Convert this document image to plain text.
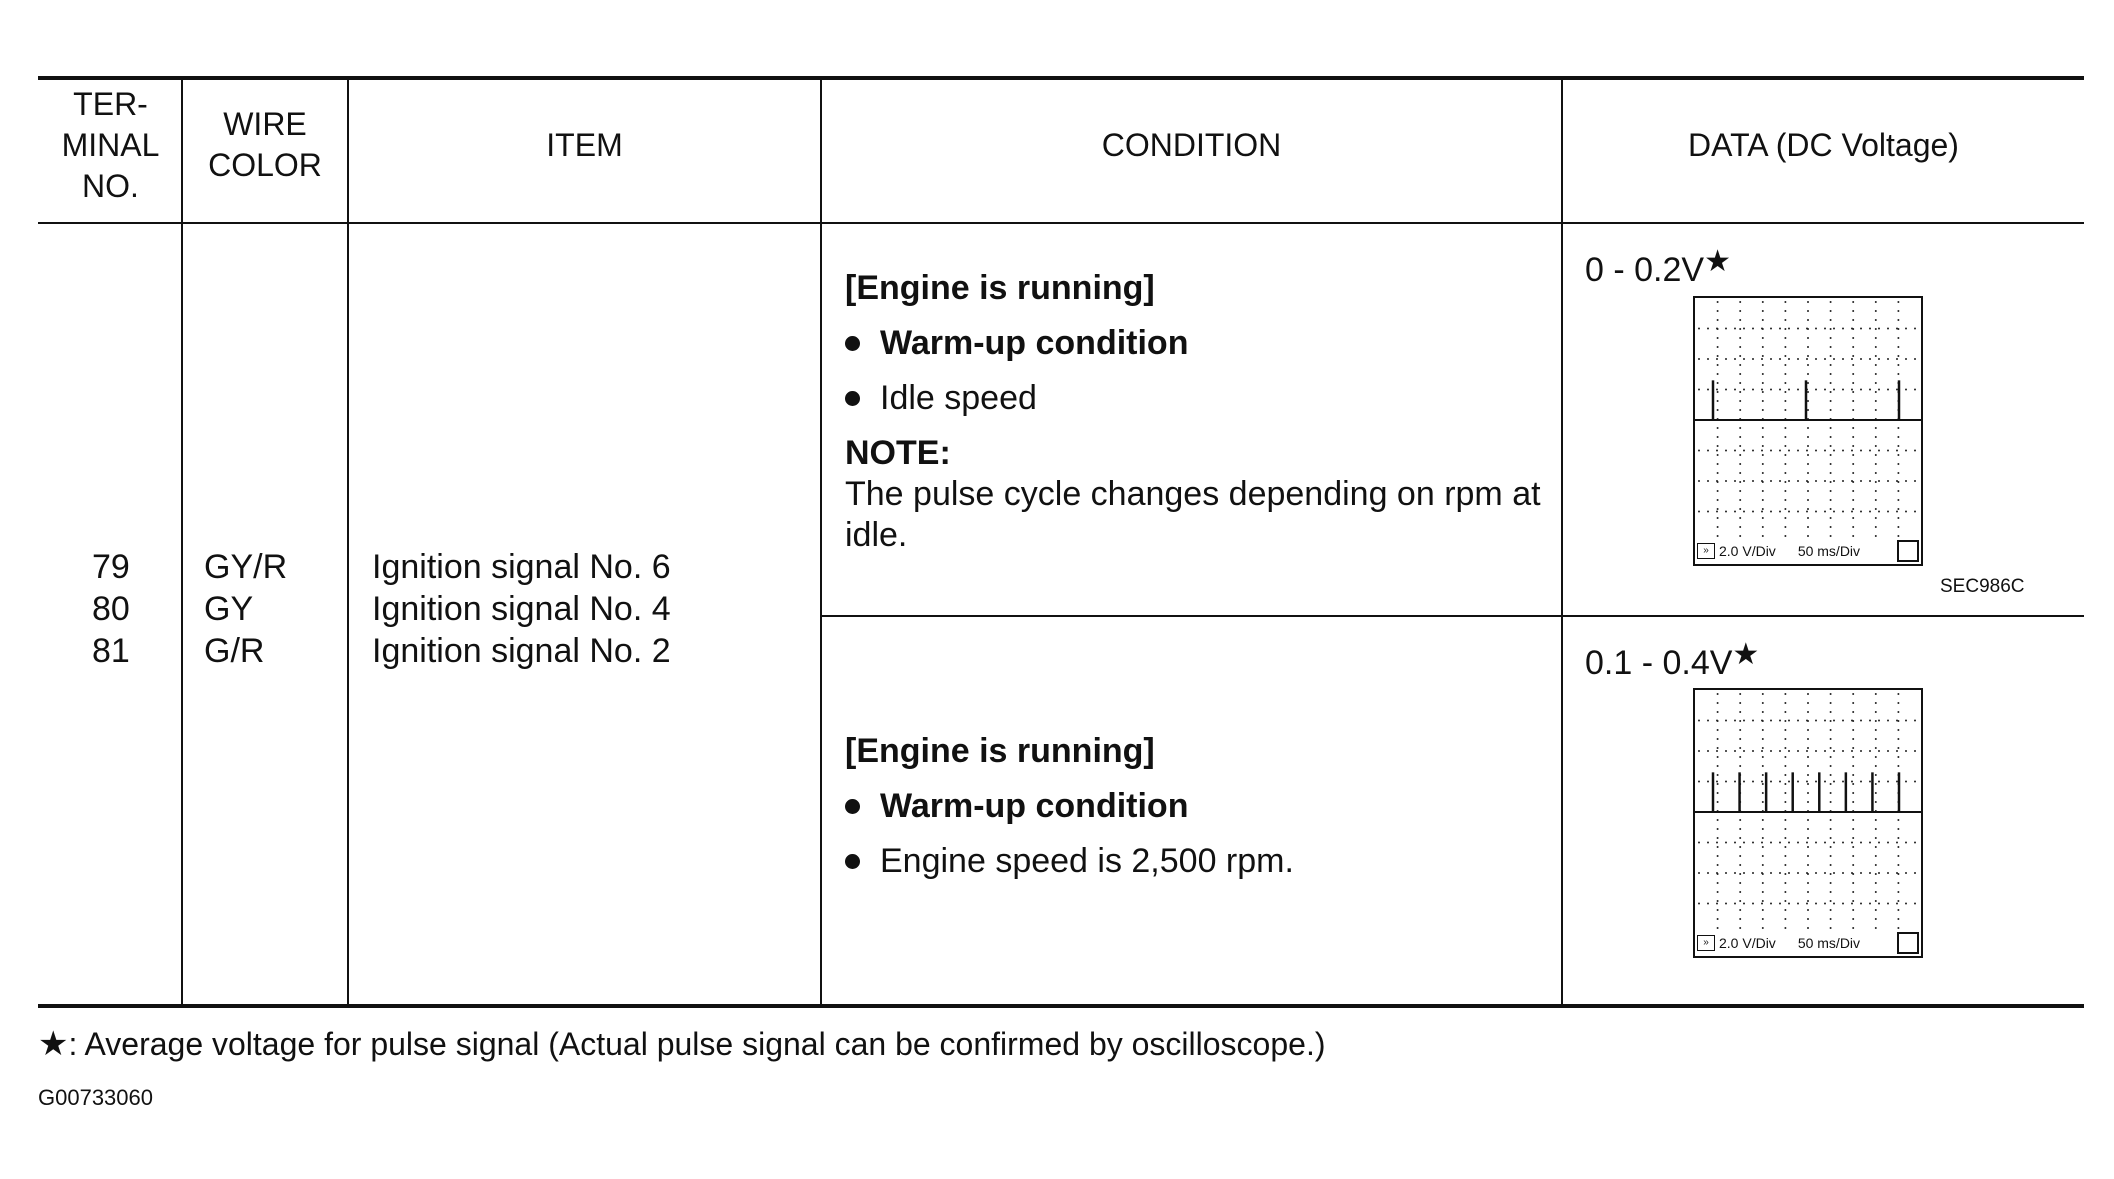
TER-
MINAL
NO.
WIRE
COLOR
ITEM	CONDITION	DATA (DC Voltage)
79
80
81
GY/R
GY
G/R
Ignition signal No. 6
Ignition signal No. 4
Ignition signal No. 2
[Engine is running]
Warm-up condition
Idle speed
NOTE:
The pulse cycle changes depending on rpm at idle.
[Engine is running]
Warm-up condition
Engine speed is 2,500 rpm.
0 - 0.2V★
» 2.0 V/Div 50 ms/Div
SEC986C
0.1 - 0.4V★
» 2.0 V/Div 50 ms/Div
★: Average voltage for pulse signal (Actual pulse signal can be confirmed by oscilloscope.)
G00733060
